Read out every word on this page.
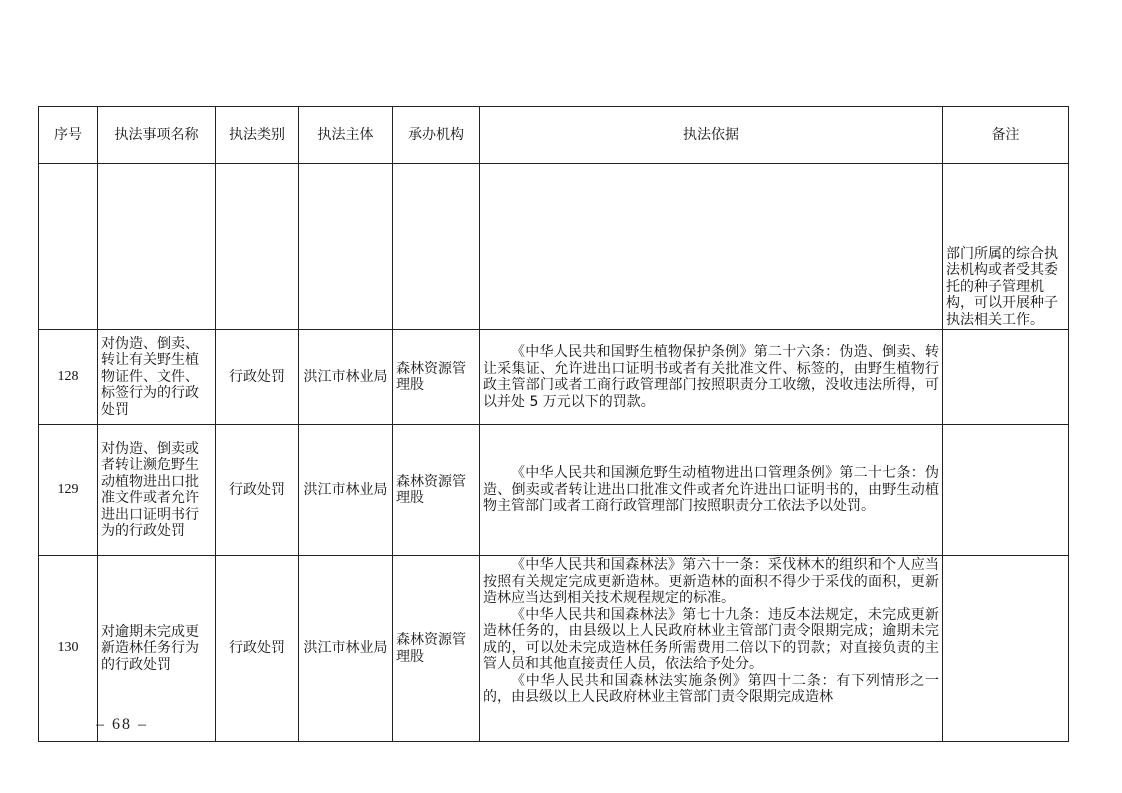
序号	执法事项名称	执法类别	执法主体	承办机构	执法依据	备注
						部门所属的综合执法机构或者受其委托的种子管理机构，可以开展种子执法相关工作。
128	对伪造、倒卖、转让有关野生植物证件、文件、标签行为的行政处罚	行政处罚	洪江市林业局	森林资源管理股	《中华人民共和国野生植物保护条例》第二十六条：伪造、倒卖、转让采集证、允许进出口证明书或者有关批准文件、标签的，由野生植物行政主管部门或者工商行政管理部门按照职责分工收缴，没收违法所得，可以并处 5 万元以下的罚款。	

129	对伪造、倒卖或者转让濒危野生动植物进出口批准文件或者允许进出口证明书行为的行政处罚	行政处罚	洪江市林业局	森林资源管理股	《中华人民共和国濒危野生动植物进出口管理条例》第二十七条：伪造、倒卖或者转让进出口批准文件或者允许进出口证明书的，由野生动植物主管部门或者工商行政管理部门按照职责分工依法予以处罚。	

130	对逾期未完成更新造林任务行为的行政处罚	行政处罚	洪江市林业局	森林资源管理股	《中华人民共和国森林法》第六十一条：采伐林木的组织和个人应当按照有关规定完成更新造林。更新造林的面积不得少于采伐的面积，更新造林应当达到相关技术规程规定的标准。

《中华人民共和国森林法》第七十九条：违反本法规定，未完成更新造林任务的，由县级以上人民政府林业主管部门责令限期完成；逾期未完成的，可以处未完成造林任务所需费用二倍以下的罚款；对直接负责的主管人员和其他直接责任人员，依法给予处分。

《中华人民共和国森林法实施条例》第四十二条：有下列情形之一的，由县级以上人民政府林业主管部门责令限期完成造林	

– 68 –
